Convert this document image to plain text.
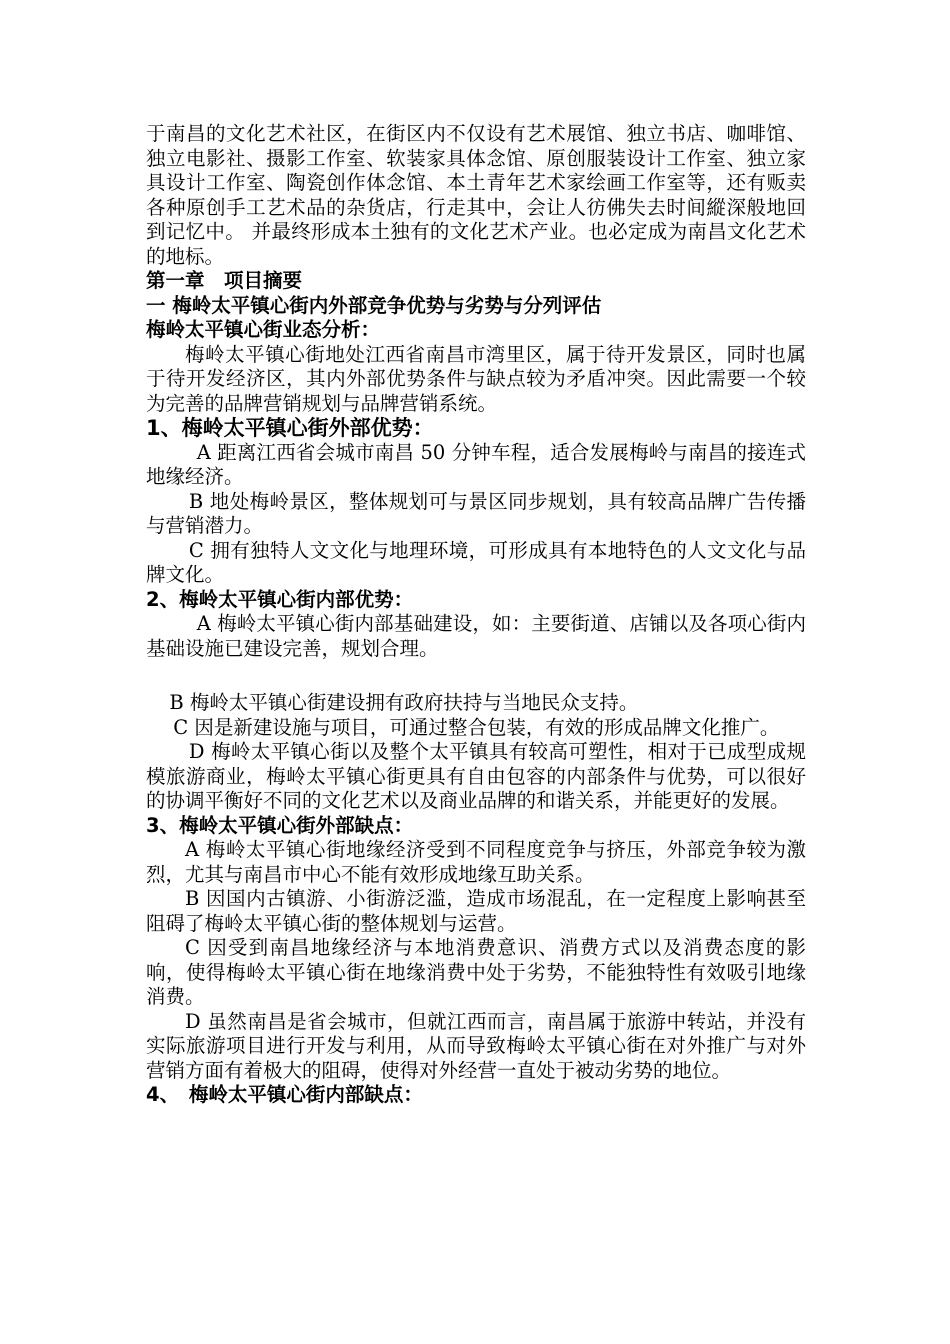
于南昌的文化艺术社区，在街区内不仅设有艺术展馆、独立书店、咖啡馆、独立电影社、摄影工作室、软装家具体念馆、原创服装设计工作室、独立家具设计工作室、陶瓷创作体念馆、本土青年艺术家绘画工作室等，还有贩卖各种原创手工艺术品的杂货店，行走其中，会让人彷佛失去时间縱深般地回到记忆中。 并最终形成本土独有的文化艺术产业。也必定成为南昌文化艺术的地标。

第一章　项目摘要
一 梅岭太平镇心街内外部竞争优势与劣势与分列评估
梅岭太平镇心街业态分析：

梅岭太平镇心街地处江西省南昌市湾里区，属于待开发景区，同时也属于待开发经济区，其内外部优势条件与缺点较为矛盾冲突。因此需要一个较为完善的品牌营销规划与品牌营销系统。

1、梅岭太平镇心街外部优势：

A 距离江西省会城市南昌 50 分钟车程，适合发展梅岭与南昌的接连式地缘经济。

B 地处梅岭景区，整体规划可与景区同步规划，具有较高品牌广告传播与营销潜力。

C 拥有独特人文文化与地理环境，可形成具有本地特色的人文文化与品牌文化。

2、梅岭太平镇心街内部优势：

A 梅岭太平镇心街内部基础建设，如：主要街道、店铺以及各项心街内基础设施已建设完善，规划合理。

B 梅岭太平镇心街建设拥有政府扶持与当地民众支持。

C 因是新建设施与项目，可通过整合包装，有效的形成品牌文化推广。

D 梅岭太平镇心街以及整个太平镇具有较高可塑性，相对于已成型成规模旅游商业，梅岭太平镇心街更具有自由包容的内部条件与优势，可以很好的协调平衡好不同的文化艺术以及商业品牌的和谐关系，并能更好的发展。

3、梅岭太平镇心街外部缺点：

A 梅岭太平镇心街地缘经济受到不同程度竞争与挤压，外部竞争较为激烈，尤其与南昌市中心不能有效形成地缘互助关系。

B 因国内古镇游、小街游泛滥，造成市场混乱，在一定程度上影响甚至阻碍了梅岭太平镇心街的整体规划与运营。

C 因受到南昌地缘经济与本地消费意识、消费方式以及消费态度的影响，使得梅岭太平镇心街在地缘消费中处于劣势，不能独特性有效吸引地缘消费。

D 虽然南昌是省会城市，但就江西而言，南昌属于旅游中转站，并没有实际旅游项目进行开发与利用，从而导致梅岭太平镇心街在对外推广与对外营销方面有着极大的阻碍，使得对外经营一直处于被动劣势的地位。

4、　梅岭太平镇心街内部缺点：
